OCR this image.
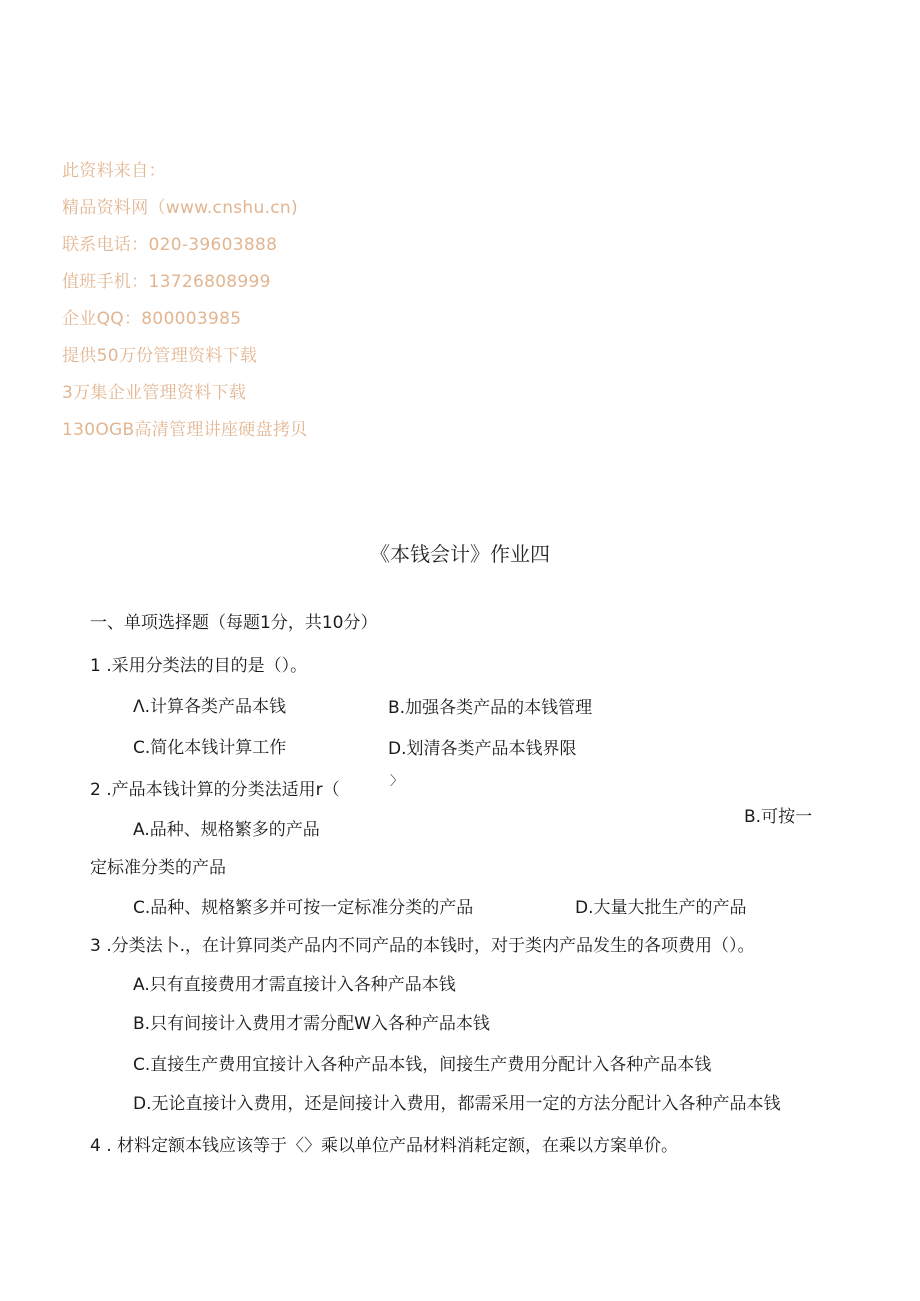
此资料来自：
精品资料网（www.cnshu.cn)
联系电话：020-39603888
值班手机：13726808999
企业QQ：800003985
提供50万份管理资料下载
3万集企业管理资料下载
130OGB高清管理讲座硬盘拷贝
《本钱会计》作业四
一、单项选择题（每题1分，共10分）
1 .采用分类法的目的是（）。
Λ.计算各类产品本钱	B.加强各类产品的本钱管理
C.简化本钱计算工作	D.划清各类产品本钱界限
2 .产品本钱计算的分类法适用r（	〉
A.品种、规格繁多的产品
B.可按一
定标准分类的产品
C.品种、规格繁多并可按一定标准分类的产品	D.大量大批生产的产品
3 .分类法卜.，在计算同类产品内不同产品的本钱时，对于类内产品发生的各项费用（）。
A.只有直接费用才需直接计入各种产品本钱
B.只有间接计入费用才需分配W入各种产品本钱
C.直接生产费用宜接计入各种产品本钱，间接生产费用分配计入各种产品本钱
D.无论直接计入费用，还是间接计入费用，都需采用一定的方法分配计入各种产品本钱
4 . 材料定额本钱应该等于〈〉乘以单位产品材料消耗定额，在乘以方案单价。
